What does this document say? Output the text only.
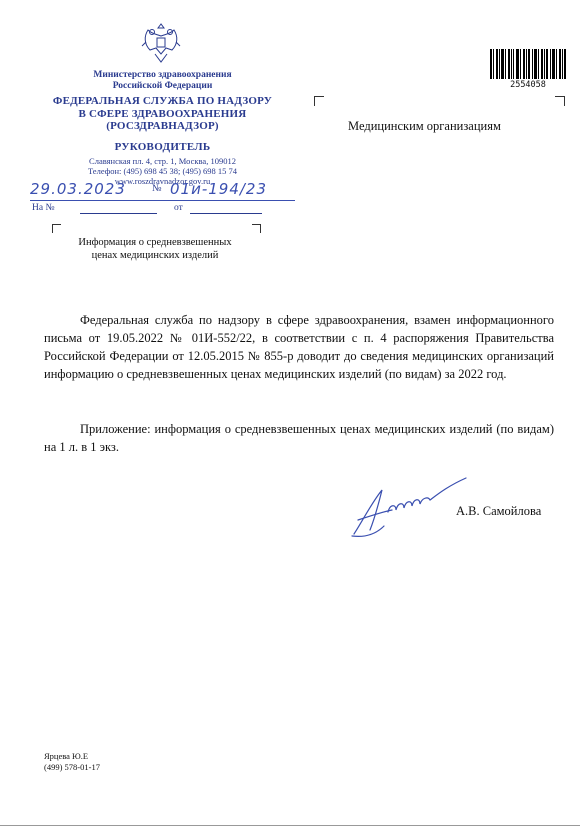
Министерство здравоохранения
Российской Федерации
ФЕДЕРАЛЬНАЯ СЛУЖБА ПО НАДЗОРУ
В СФЕРЕ ЗДРАВООХРАНЕНИЯ
(РОСЗДРАВНАДЗОР)
РУКОВОДИТЕЛЬ
Славянская пл. 4, стр. 1, Москва, 109012
Телефон: (495) 698 45 38; (495) 698 15 74
www.roszdravnadzor.gov.ru
29.03.2023	№ 01и-194/23
На №	от
Информация о средневзвешенных
ценах медицинских изделий
2554058
Медицинским организациям
Федеральная служба по надзору в сфере здравоохранения, взамен информационного письма от 19.05.2022 № 01И-552/22, в соответствии с п. 4 распоряжения Правительства Российской Федерации от 12.05.2015 № 855-р доводит до сведения медицинских организаций информацию о средневзвешенных ценах медицинских изделий (по видам) за 2022 год.
Приложение: информация о средневзвешенных ценах медицинских изделий (по видам) на 1 л. в 1 экз.
А.В. Самойлова
Ярцева Ю.Е
(499) 578-01-17
